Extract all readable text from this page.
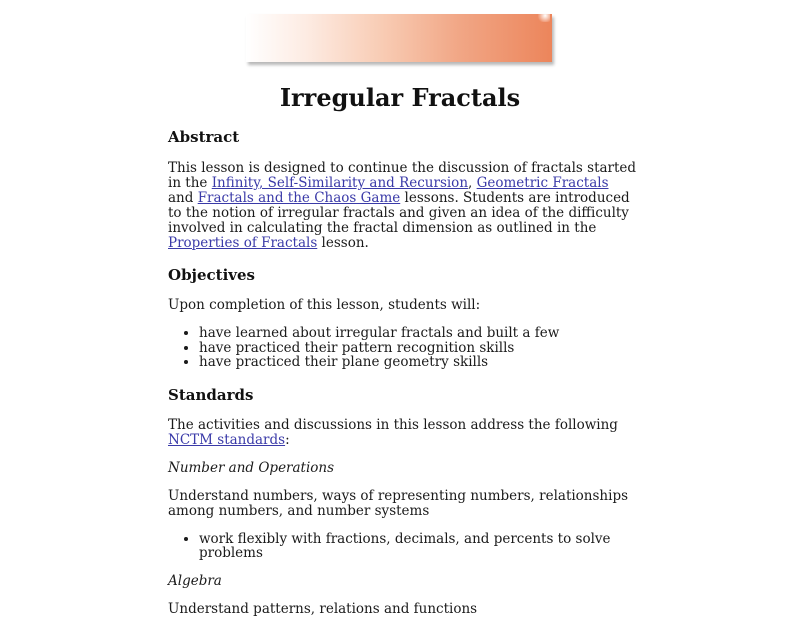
Irregular Fractals
Abstract

This lesson is designed to continue the discussion of fractals started in the Infinity, Self-Similarity and Recursion, Geometric Fractals and Fractals and the Chaos Game lessons. Students are introduced to the notion of irregular fractals and given an idea of the difficulty involved in calculating the fractal dimension as outlined in the Properties of Fractals lesson.

Objectives

Upon completion of this lesson, students will:

• have learned about irregular fractals and built a few
• have practiced their pattern recognition skills
• have practiced their plane geometry skills
Standards

The activities and discussions in this lesson address the following NCTM standards:

Number and Operations

Understand numbers, ways of representing numbers, relationships among numbers, and number systems

• work flexibly with fractions, decimals, and percents to solve problems

Algebra

Understand patterns, relations and functions
